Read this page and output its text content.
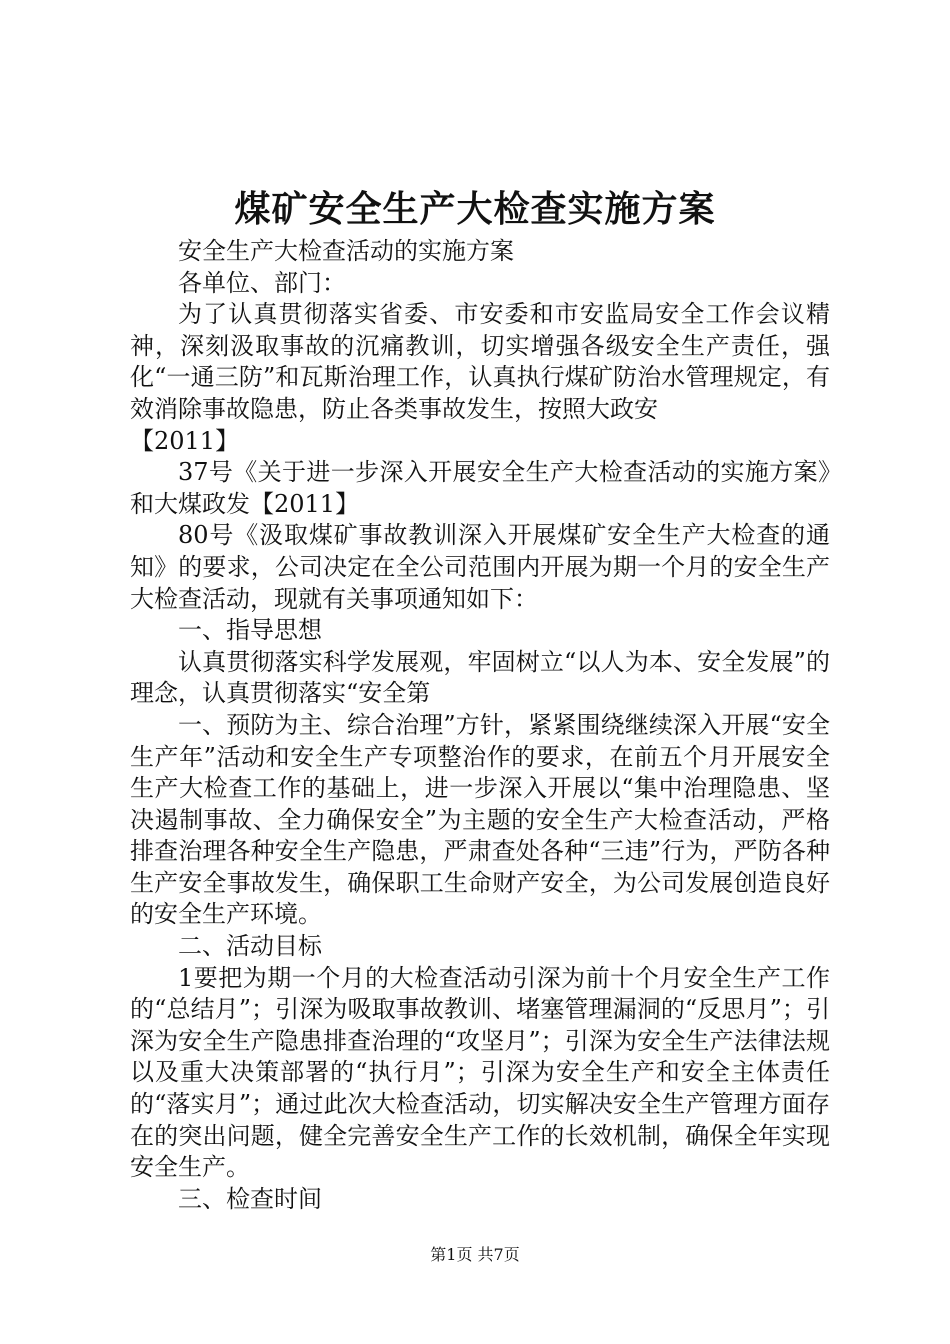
煤矿安全生产大检查实施方案

安全生产大检查活动的实施方案

各单位、部门：

为了认真贯彻落实省委、市安委和市安监局安全工作会议精神，深刻汲取事故的沉痛教训，切实增强各级安全生产责任，强化“一通三防”和瓦斯治理工作，认真执行煤矿防治水管理规定，有效消除事故隐患，防止各类事故发生，按照大政安

【2011】

37号《关于进一步深入开展安全生产大检查活动的实施方案》和大煤政发【2011】

80号《汲取煤矿事故教训深入开展煤矿安全生产大检查的通知》的要求，公司决定在全公司范围内开展为期一个月的安全生产大检查活动，现就有关事项通知如下：

一、指导思想

认真贯彻落实科学发展观，牢固树立“以人为本、安全发展”的理念，认真贯彻落实“安全第

一、预防为主、综合治理”方针，紧紧围绕继续深入开展“安全生产年”活动和安全生产专项整治作的要求，在前五个月开展安全生产大检查工作的基础上，进一步深入开展以“集中治理隐患、坚决遏制事故、全力确保安全”为主题的安全生产大检查活动，严格排查治理各种安全生产隐患，严肃查处各种“三违”行为，严防各种生产安全事故发生，确保职工生命财产安全，为公司发展创造良好的安全生产环境。

二、活动目标

1要把为期一个月的大检查活动引深为前十个月安全生产工作的“总结月”；引深为吸取事故教训、堵塞管理漏洞的“反思月”；引深为安全生产隐患排查治理的“攻坚月”；引深为安全生产法律法规以及重大决策部署的“执行月”；引深为安全生产和安全主体责任的“落实月”；通过此次大检查活动，切实解决安全生产管理方面存在的突出问题，健全完善安全生产工作的长效机制，确保全年实现安全生产。

三、检查时间

第1页 共7页
